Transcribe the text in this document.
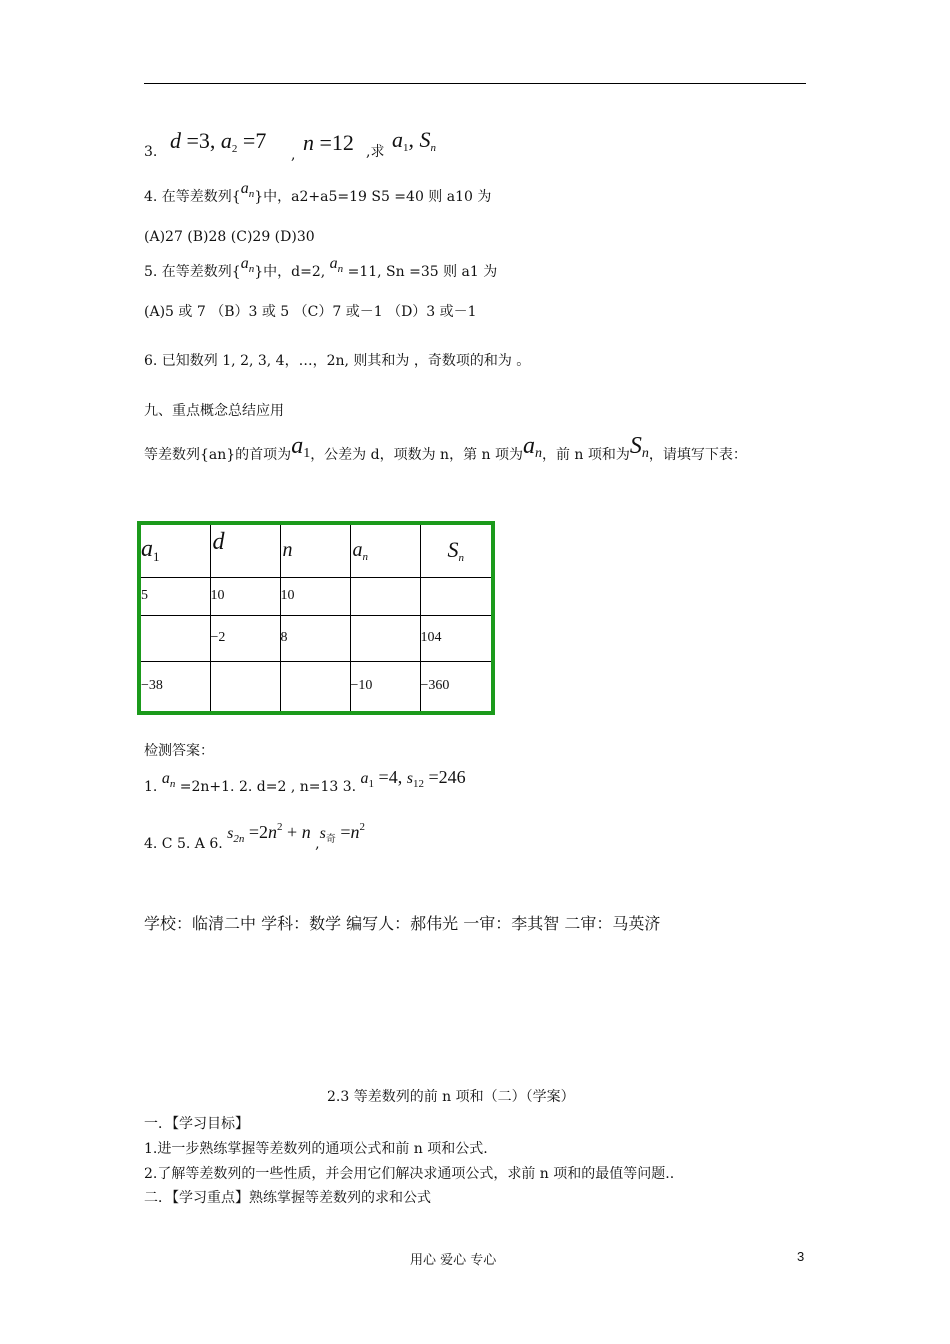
3. d =3, $a_2 =7$
, n =12 ,求 $a_1$, $S_n$
4. 在等差数列$\{a_n\}$中，a2+a5=19 S5 =40 则 a10 为
(A)27 (B)28 (C)29 (D)30
5. 在等差数列$\{a_n\}$中，d=2, $a_n =11$, Sn =35 则 a1 为
(A)5 或 7 （B）3 或 5 （C）7 或－1 （D）3 或－1
6. 已知数列 1, 2, 3, 4，…，2n, 则其和为 ，奇数项的和为 。
九、重点概念总结应用
等差数列{an}的首项为$a_1$，公差为 d，项数为 n，第 n 项为$a_n$，前 n 项和为$S_n$，请填写下表：
$a_1$	d	n	$a_n$	$S_n$
5	10	10		
	−2	8		104
−38			−10	−360
检测答案：
1. $a_n =2n+1$. 2. d=2 , n=13 3. $a_1 =4$, $s_{12} =246$
4. C 5. A 6. $s_{2n} =2n^2 + n$ $,s_奇 =n^2$
学校：临清二中 学科：数学 编写人：郝伟光 一审：李其智 二审：马英济
2.3 等差数列的前 n 项和（二）（学案）
一．【学习目标】
1.进一步熟练掌握等差数列的通项公式和前 n 项和公式.
2.了解等差数列的一些性质，并会用它们解决求通项公式，求前 n 项和的最值等问题..
二．【学习重点】熟练掌握等差数列的求和公式
用心 爱心 专心	3
